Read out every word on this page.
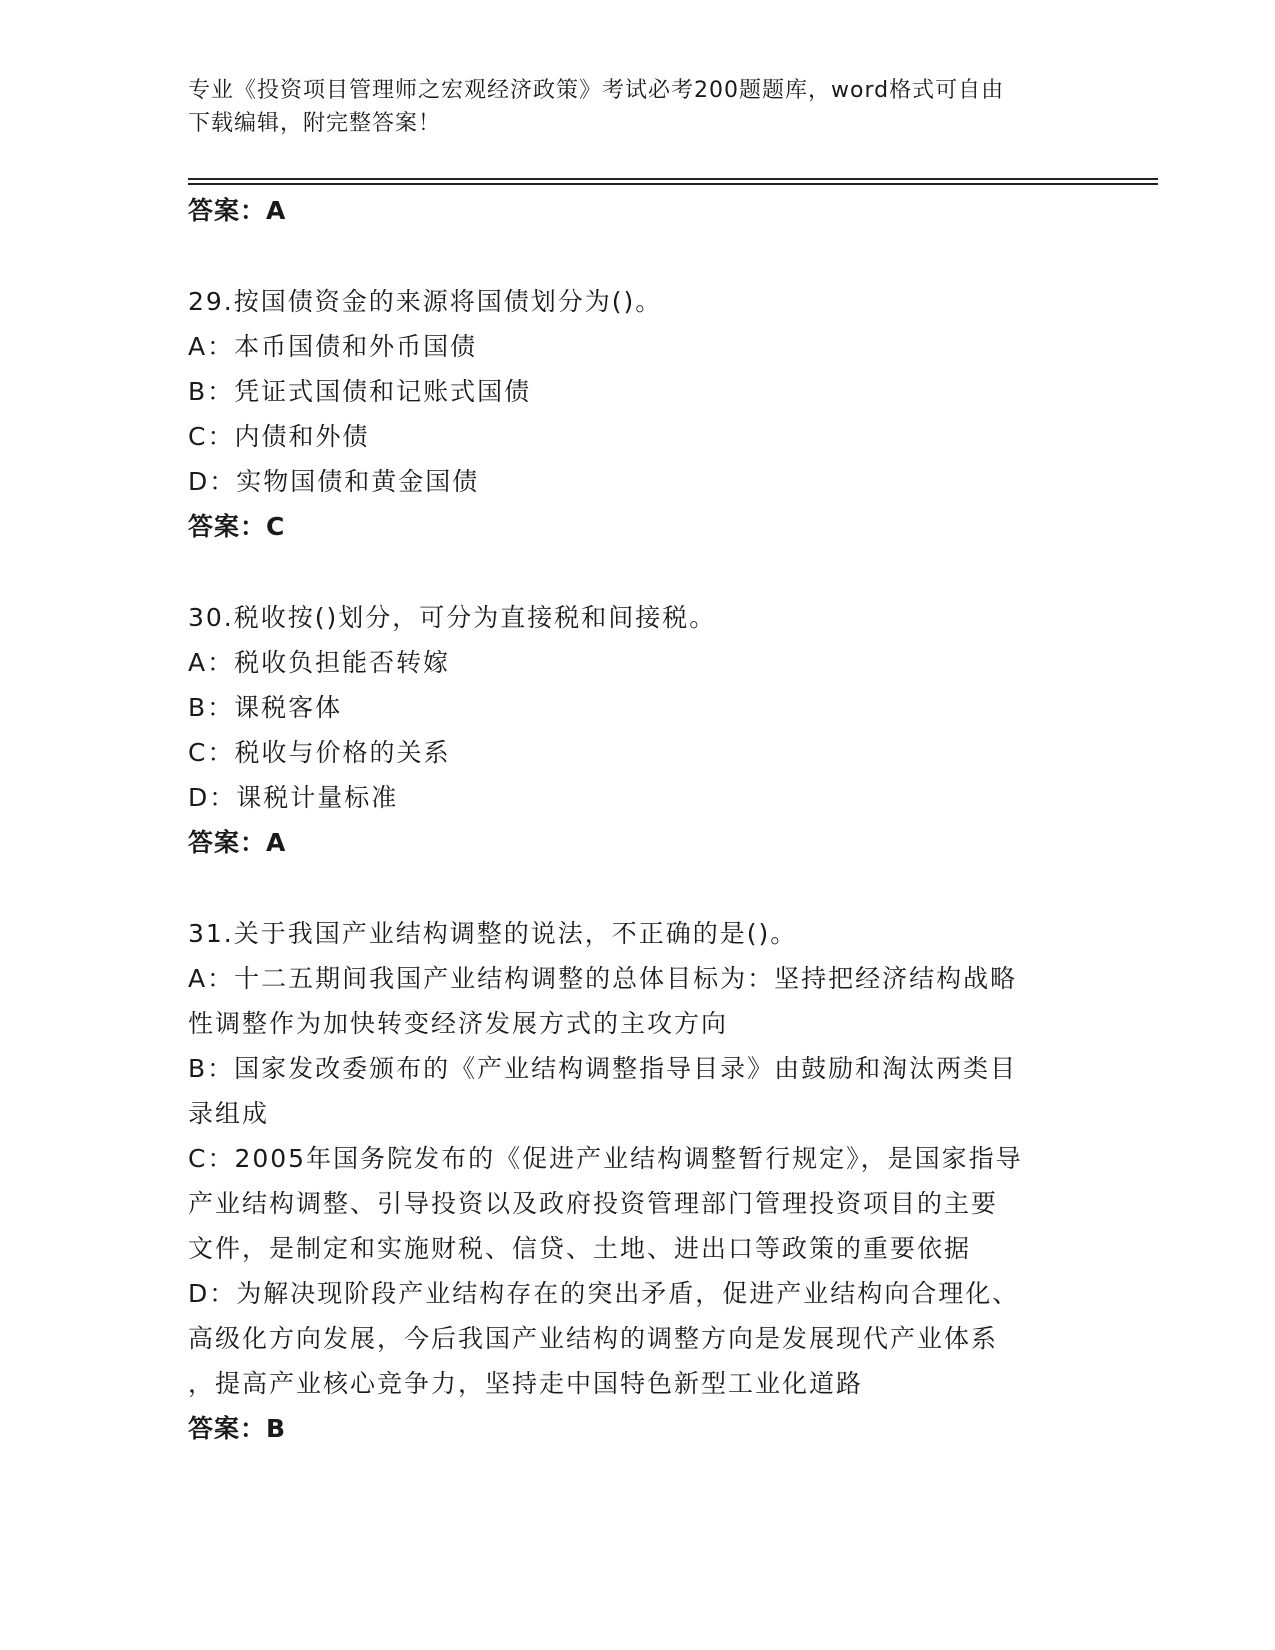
专业《投资项目管理师之宏观经济政策》考试必考200题题库，word格式可自由
下载编辑，附完整答案！

答案：A

29.按国债资金的来源将国债划分为()。

A：本币国债和外币国债

B：凭证式国债和记账式国债

C：内债和外债

D：实物国债和黄金国债

答案：C

30.税收按()划分，可分为直接税和间接税。

A：税收负担能否转嫁

B：课税客体

C：税收与价格的关系

D：课税计量标准

答案：A

31.关于我国产业结构调整的说法，不正确的是()。

A：十二五期间我国产业结构调整的总体目标为：坚持把经济结构战略

性调整作为加快转变经济发展方式的主攻方向

B：国家发改委颁布的《产业结构调整指导目录》由鼓励和淘汰两类目

录组成

C：2005年国务院发布的《促进产业结构调整暂行规定》，是国家指导

产业结构调整、引导投资以及政府投资管理部门管理投资项目的主要

文件，是制定和实施财税、信贷、土地、进出口等政策的重要依据

D：为解决现阶段产业结构存在的突出矛盾，促进产业结构向合理化、

高级化方向发展，今后我国产业结构的调整方向是发展现代产业体系

，提高产业核心竞争力，坚持走中国特色新型工业化道路

答案：B
